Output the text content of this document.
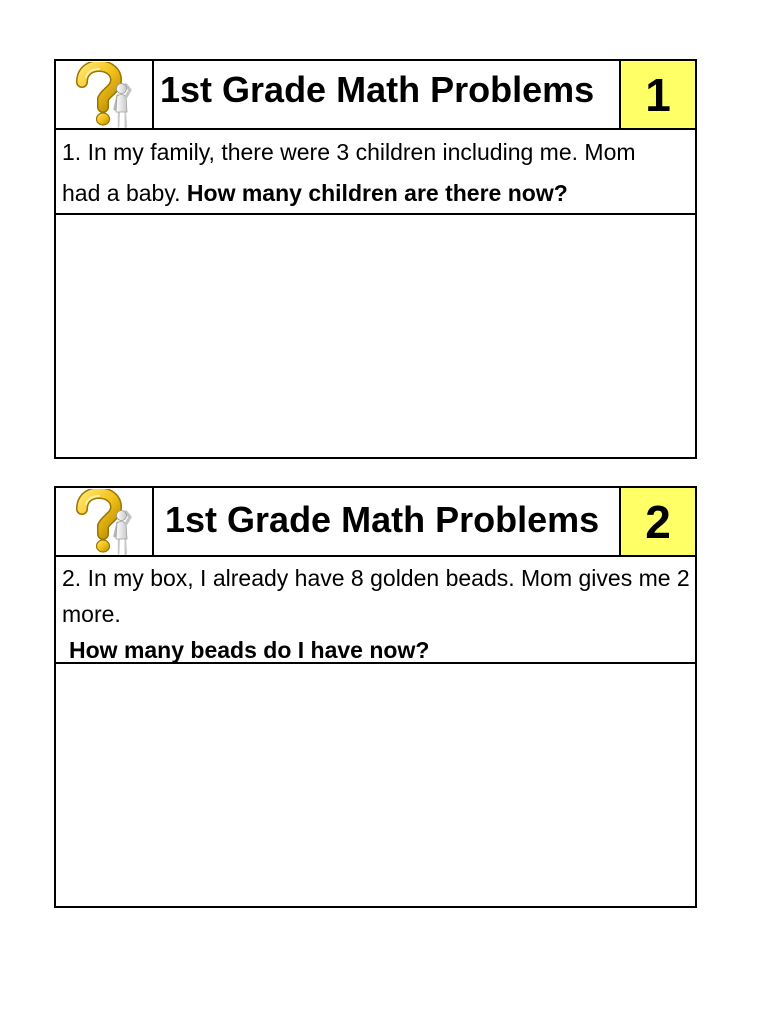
1st Grade Math Problems	1
1. In my family, there were 3 children including me. Mom
had a baby. How many children are there now?
1st Grade Math Problems	2
2. In my box, I already have 8 golden beads. Mom gives me 2
more.
How many beads do I have now?
